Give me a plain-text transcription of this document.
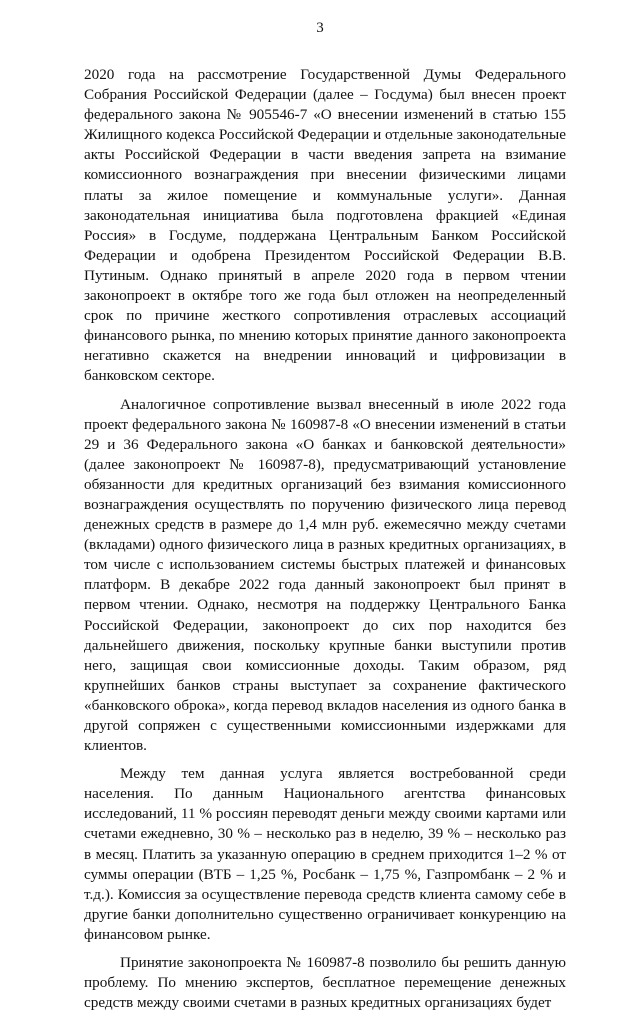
3

2020 года на рассмотрение Государственной Думы Федерального Собрания Российской Федерации (далее – Госдума) был внесен проект федерального закона № 905546-7 «О внесении изменений в статью 155 Жилищного кодекса Российской Федерации и отдельные законодательные акты Российской Федерации в части введения запрета на взимание комиссионного вознаграждения при внесении физическими лицами платы за жилое помещение и коммунальные услуги». Данная законодательная инициатива была подготовлена фракцией «Единая Россия» в Госдуме, поддержана Центральным Банком Российской Федерации и одобрена Президентом Российской Федерации В.В. Путиным. Однако принятый в апреле 2020 года в первом чтении законопроект в октябре того же года был отложен на неопределенный срок по причине жесткого сопротивления отраслевых ассоциаций финансового рынка, по мнению которых принятие данного законопроекта негативно скажется на внедрении инноваций и цифровизации в банковском секторе.

Аналогичное сопротивление вызвал внесенный в июле 2022 года проект федерального закона № 160987-8 «О внесении изменений в статьи 29 и 36 Федерального закона «О банках и банковской деятельности» (далее законопроект № 160987-8), предусматривающий установление обязанности для кредитных организаций без взимания комиссионного вознаграждения осуществлять по поручению физического лица перевод денежных средств в размере до 1,4 млн руб. ежемесячно между счетами (вкладами) одного физического лица в разных кредитных организациях, в том числе с использованием системы быстрых платежей и финансовых платформ. В декабре 2022 года данный законопроект был принят в первом чтении. Однако, несмотря на поддержку Центрального Банка Российской Федерации, законопроект до сих пор находится без дальнейшего движения, поскольку крупные банки выступили против него, защищая свои комиссионные доходы. Таким образом, ряд крупнейших банков страны выступает за сохранение фактического «банковского оброка», когда перевод вкладов населения из одного банка в другой сопряжен с существенными комиссионными издержками для клиентов.

Между тем данная услуга является востребованной среди населения. По данным Национального агентства финансовых исследований, 11 % россиян переводят деньги между своими картами или счетами ежедневно, 30 % – несколько раз в неделю, 39 % – несколько раз в месяц. Платить за указанную операцию в среднем приходится 1–2 % от суммы операции (ВТБ – 1,25 %, Росбанк – 1,75 %, Газпромбанк – 2 % и т.д.). Комиссия за осуществление перевода средств клиента самому себе в другие банки дополнительно существенно ограничивает конкуренцию на финансовом рынке.

Принятие законопроекта № 160987-8 позволило бы решить данную проблему. По мнению экспертов, бесплатное перемещение денежных средств между своими счетами в разных кредитных организациях будет
